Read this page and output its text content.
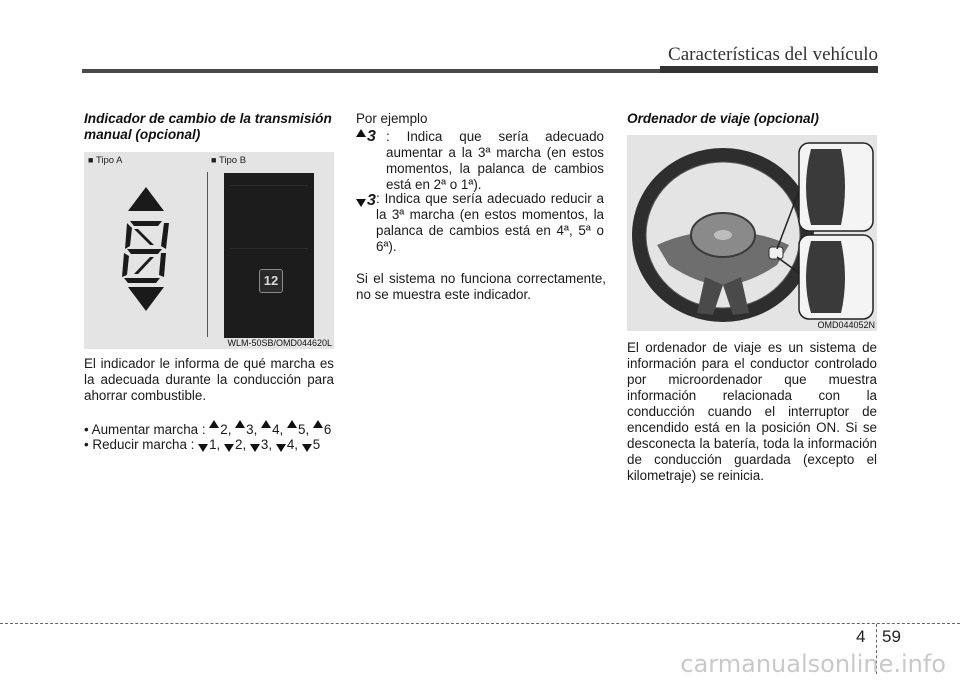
Características del vehículo
Indicador de cambio de la transmisión manual (opcional)
■ Tipo A
■	Tipo B
12
WLM-50SB/OMD044620L
El indicador le informa de qué marcha es la adecuada durante la conducción para ahorrar combustible.
• Aumentar marcha : 2, 3, 4, 5, 6
• Reducir marcha : 1, 2, 3, 4, 5
Por ejemplo
3 : Indica que sería adecuado aumentar a la 3ª marcha (en estos momentos, la palanca de cambios está en 2ª o 1ª).
3 : Indica que sería adecuado reducir a la 3ª marcha (en estos momentos, la palanca de cambios está en 4ª, 5ª o 6ª).
Si el sistema no funciona correctamente, no se muestra este indicador.
Ordenador de viaje (opcional)
OMD044052N
El ordenador de viaje es un sistema de información para el conductor controlado por microordenador que muestra información relacionada con la conducción cuando el interruptor de encendido está en la posición ON. Si se desconecta la batería, toda la información de conducción guardada (excepto el kilometraje) se reinicia.
4 59
carmanualsonline.info
